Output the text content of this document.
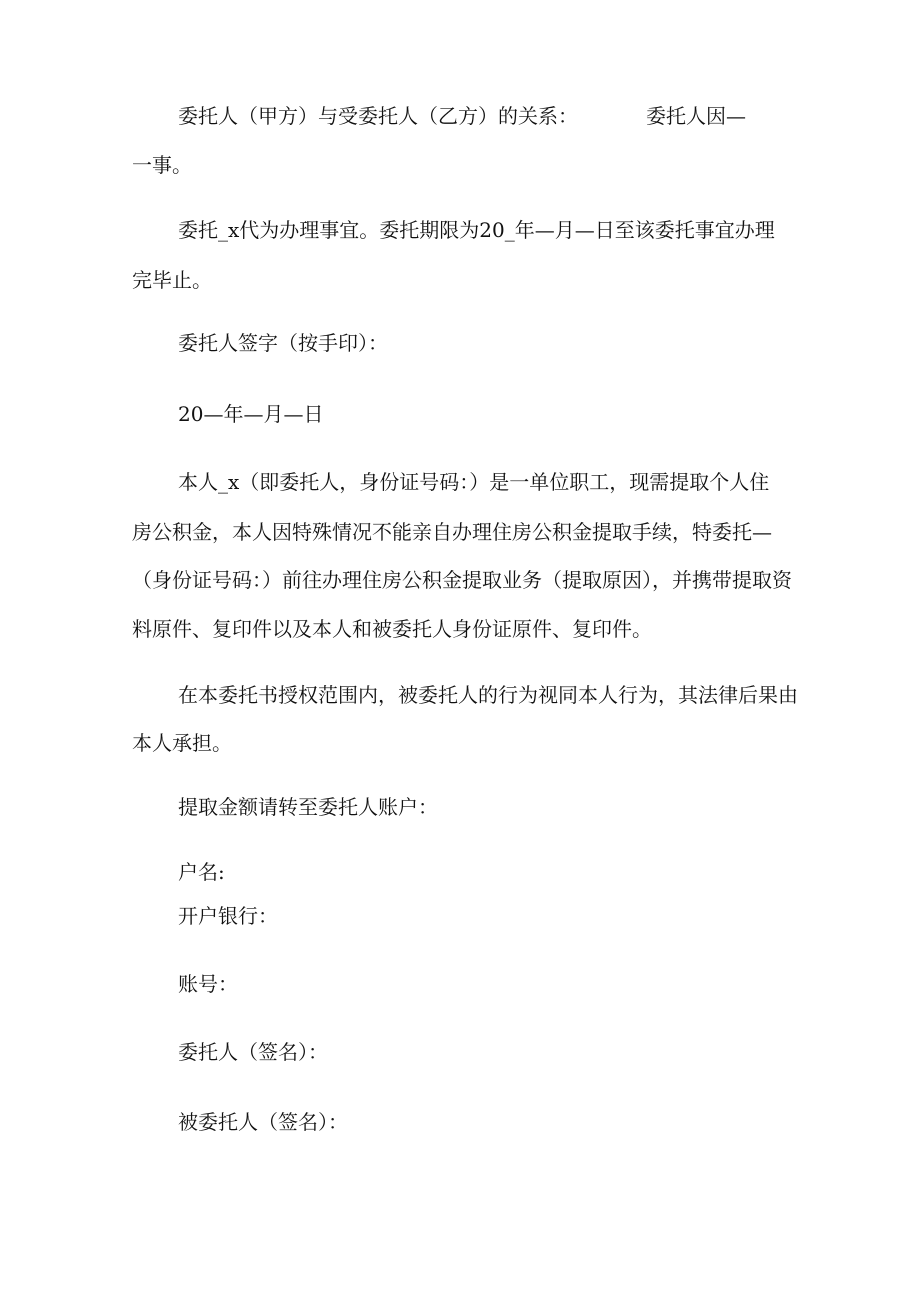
委托人（甲方）与受委托人（乙方）的关系：	委托人因—
一事。
委托_x代为办理事宜。委托期限为20_年—月—日至该委托事宜办理
完毕止。
委托人签字（按手印）：
20—年—月—日
本人_x（即委托人，身份证号码：）是一单位职工，现需提取个人住
房公积金，本人因特殊情况不能亲自办理住房公积金提取手续，特委托—
（身份证号码：）前往办理住房公积金提取业务（提取原因），并携带提取资
料原件、复印件以及本人和被委托人身份证原件、复印件。
在本委托书授权范围内，被委托人的行为视同本人行为，其法律后果由
本人承担。
提取金额请转至委托人账户：
户名:
开户银行：
账号：
委托人（签名）：
被委托人（签名）：
